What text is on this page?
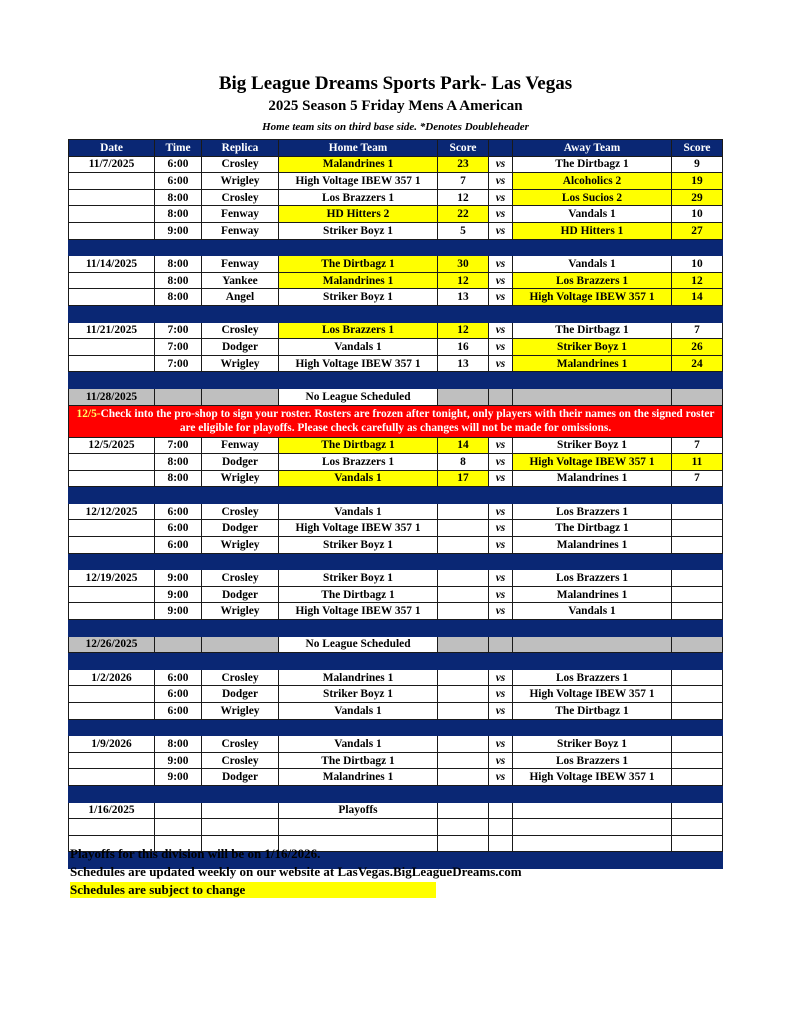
Big League Dreams Sports Park- Las Vegas
2025 Season 5 Friday Mens A American
Home team sits on third base side. *Denotes Doubleheader
Date	Time	Replica	Home Team	Score		Away Team	Score
11/7/2025	6:00	Crosley	Malandrines 1	23	vs	The Dirtbagz 1	9
	6:00	Wrigley	High Voltage IBEW 357 1	7	vs	Alcoholics 2	19
	8:00	Crosley	Los Brazzers 1	12	vs	Los Sucios 2	29
	8:00	Fenway	HD Hitters 2	22	vs	Vandals 1	10
	9:00	Fenway	Striker Boyz 1	5	vs	HD Hitters 1	27

11/14/2025	8:00	Fenway	The Dirtbagz 1	30	vs	Vandals 1	10
	8:00	Yankee	Malandrines 1	12	vs	Los Brazzers 1	12
	8:00	Angel	Striker Boyz 1	13	vs	High Voltage IBEW 357 1	14

11/21/2025	7:00	Crosley	Los Brazzers 1	12	vs	The Dirtbagz 1	7
	7:00	Dodger	Vandals 1	16	vs	Striker Boyz 1	26
	7:00	Wrigley	High Voltage IBEW 357 1	13	vs	Malandrines 1	24

11/28/2025			No League Scheduled				
12/5-Check into the pro-shop to sign your roster. Rosters are frozen after tonight, only players with their names on the signed roster are eligible for playoffs. Please check carefully as changes will not be made for omissions.							
12/5/2025	7:00	Fenway	The Dirtbagz 1	14	vs	Striker Boyz 1	7
	8:00	Dodger	Los Brazzers 1	8	vs	High Voltage IBEW 357 1	11
	8:00	Wrigley	Vandals 1	17	vs	Malandrines 1	7

12/12/2025	6:00	Crosley	Vandals 1		vs	Los Brazzers 1	
	6:00	Dodger	High Voltage IBEW 357 1		vs	The Dirtbagz 1	
	6:00	Wrigley	Striker Boyz 1		vs	Malandrines 1	

12/19/2025	9:00	Crosley	Striker Boyz 1		vs	Los Brazzers 1	
	9:00	Dodger	The Dirtbagz 1		vs	Malandrines 1	
	9:00	Wrigley	High Voltage IBEW 357 1		vs	Vandals 1	

12/26/2025			No League Scheduled				

1/2/2026	6:00	Crosley	Malandrines 1		vs	Los Brazzers 1	
	6:00	Dodger	Striker Boyz 1		vs	High Voltage IBEW 357 1	
	6:00	Wrigley	Vandals 1		vs	The Dirtbagz 1	

1/9/2026	8:00	Crosley	Vandals 1		vs	Striker Boyz 1	
	9:00	Crosley	The Dirtbagz 1		vs	Los Brazzers 1	
	9:00	Dodger	Malandrines 1		vs	High Voltage IBEW 357 1	

1/16/2025			Playoffs				

Playoffs for this division will be on 1/16/2026.
Schedules are updated weekly on our website at LasVegas.BigLeagueDreams.com
Schedules are subject to change
